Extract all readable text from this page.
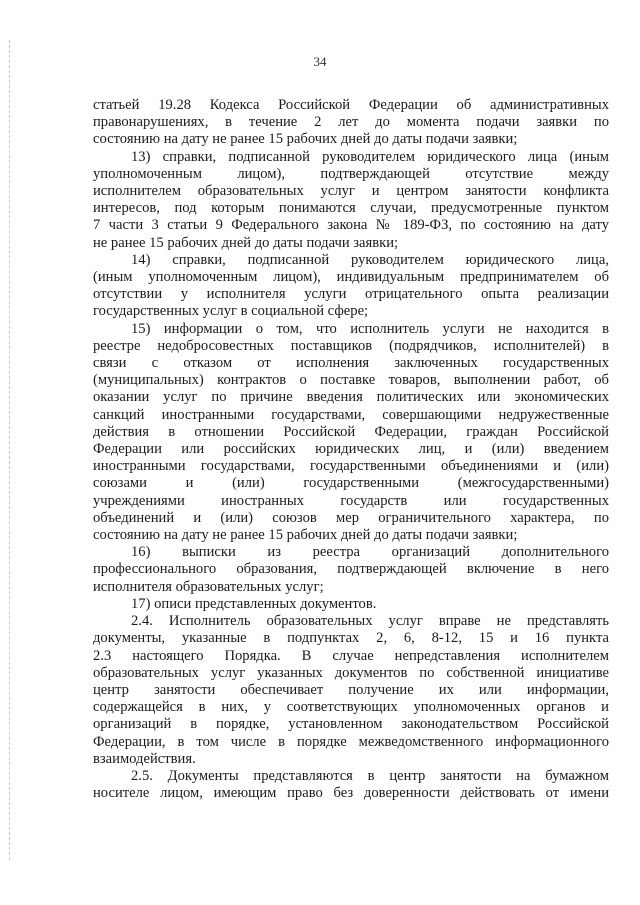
34

статьей 19.28 Кодекса Российской Федерации об административных
правонарушениях, в течение 2 лет до момента подачи заявки по
состоянию на дату не ранее 15 рабочих дней до даты подачи заявки;

13) справки, подписанной руководителем юридического лица (иным
уполномоченным лицом), подтверждающей отсутствие между
исполнителем образовательных услуг и центром занятости конфликта
интересов, под которым понимаются случаи, предусмотренные пунктом
7 части 3 статьи 9 Федерального закона № 189-ФЗ, по состоянию на дату
не ранее 15 рабочих дней до даты подачи заявки;

14) справки, подписанной руководителем юридического лица,
(иным уполномоченным лицом), индивидуальным предпринимателем об
отсутствии у исполнителя услуги отрицательного опыта реализации
государственных услуг в социальной сфере;

15) информации о том, что исполнитель услуги не находится в
реестре недобросовестных поставщиков (подрядчиков, исполнителей) в
связи с отказом от исполнения заключенных государственных
(муниципальных) контрактов о поставке товаров, выполнении работ, об
оказании услуг по причине введения политических или экономических
санкций иностранными государствами, совершающими недружественные
действия в отношении Российской Федерации, граждан Российской
Федерации или российских юридических лиц, и (или) введением
иностранными государствами, государственными объединениями и (или)
союзами и (или) государственными (межгосударственными)
учреждениями иностранных государств или государственных
объединений и (или) союзов мер ограничительного характера, по
состоянию на дату не ранее 15 рабочих дней до даты подачи заявки;

16) выписки из реестра организаций дополнительного
профессионального образования, подтверждающей включение в него
исполнителя образовательных услуг;

17) описи представленных документов.

2.4. Исполнитель образовательных услуг вправе не представлять
документы, указанные в подпунктах 2, 6, 8-12, 15 и 16 пункта
2.3 настоящего Порядка. В случае непредставления исполнителем
образовательных услуг указанных документов по собственной инициативе
центр занятости обеспечивает получение их или информации,
содержащейся в них, у соответствующих уполномоченных органов и
организаций в порядке, установленном законодательством Российской
Федерации, в том числе в порядке межведомственного информационного
взаимодействия.

2.5. Документы представляются в центр занятости на бумажном
носителе лицом, имеющим право без доверенности действовать от имени
